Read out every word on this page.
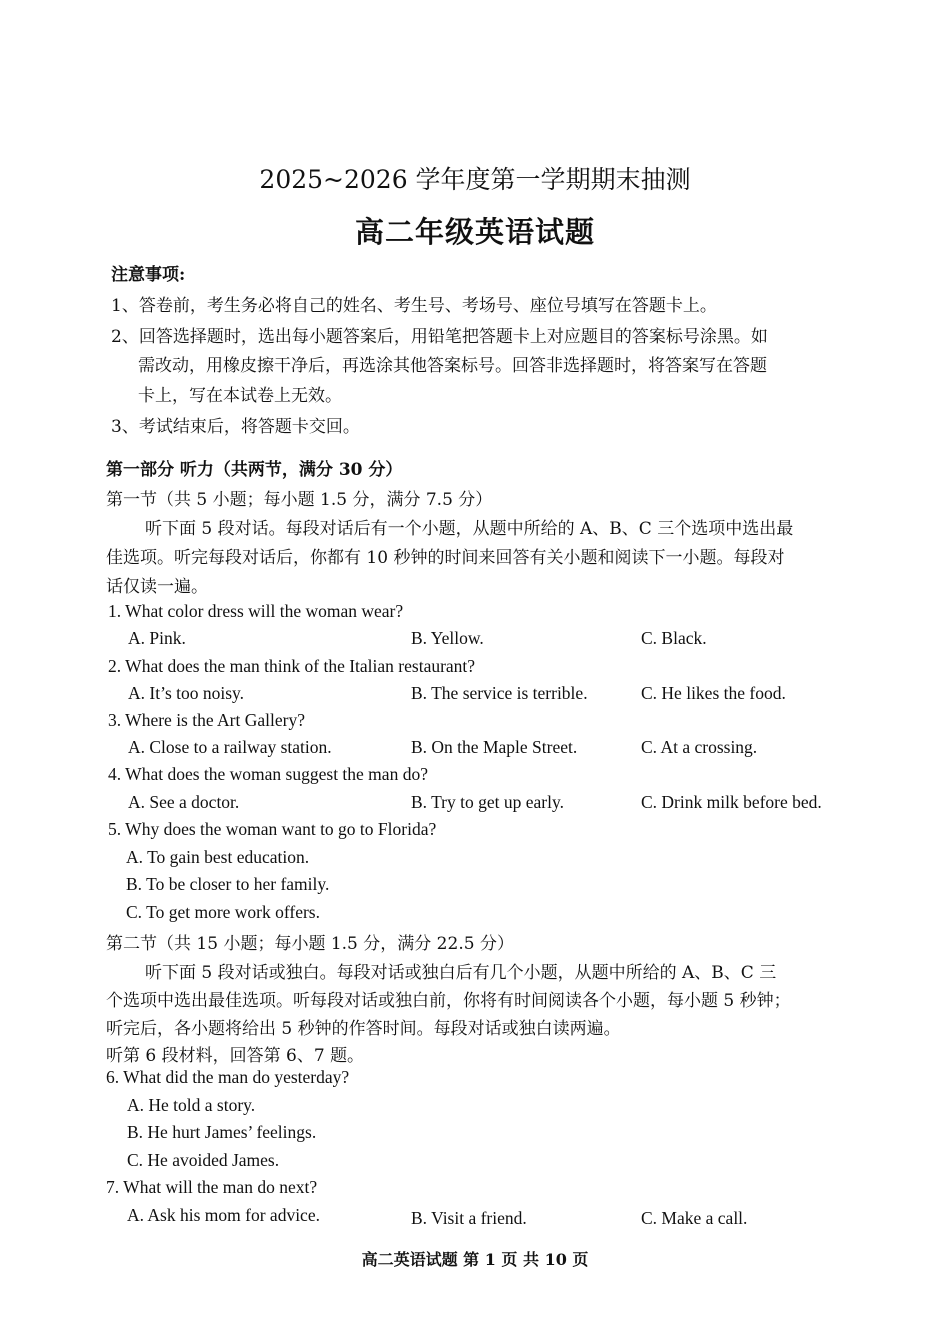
2025~2026 学年度第一学期期末抽测
高二年级英语试题
注意事项:
1、答卷前，考生务必将自己的姓名、考生号、考场号、座位号填写在答题卡上。
2、回答选择题时，选出每小题答案后，用铅笔把答题卡上对应题目的答案标号涂黑。如
需改动，用橡皮擦干净后，再选涂其他答案标号。回答非选择题时，将答案写在答题
卡上，写在本试卷上无效。
3、考试结束后，将答题卡交回。
第一部分 听力（共两节，满分 30 分）
第一节（共 5 小题；每小题 1.5 分，满分 7.5 分）
听下面 5 段对话。每段对话后有一个小题，从题中所给的 A、B、C 三个选项中选出最
佳选项。听完每段对话后，你都有 10 秒钟的时间来回答有关小题和阅读下一小题。每段对
话仅读一遍。
1. What color dress will the woman wear?
A. Pink.	B. Yellow.	C. Black.
2. What does the man think of the Italian restaurant?
A. It’s too noisy.	B. The service is terrible.	C. He likes the food.
3. Where is the Art Gallery?
A. Close to a railway station.	B. On the Maple Street.	C. At a crossing.
4. What does the woman suggest the man do?
A. See a doctor.	B. Try to get up early.	C. Drink milk before bed.
5. Why does the woman want to go to Florida?
A. To gain best education.
B. To be closer to her family.
C. To get more work offers.
第二节（共 15 小题；每小题 1.5 分，满分 22.5 分）
听下面 5 段对话或独白。每段对话或独白后有几个小题，从题中所给的 A、B、C 三
个选项中选出最佳选项。听每段对话或独白前，你将有时间阅读各个小题，每小题 5 秒钟；
听完后，各小题将给出 5 秒钟的作答时间。每段对话或独白读两遍。
听第 6 段材料，回答第 6、7 题。
6. What did the man do yesterday?
A. He told a story.
B. He hurt James’ feelings.
C. He avoided James.
7. What will the man do next?
A. Ask his mom for advice.	B. Visit a friend.	C. Make a call.
高二英语试题 第 1 页 共 10 页
